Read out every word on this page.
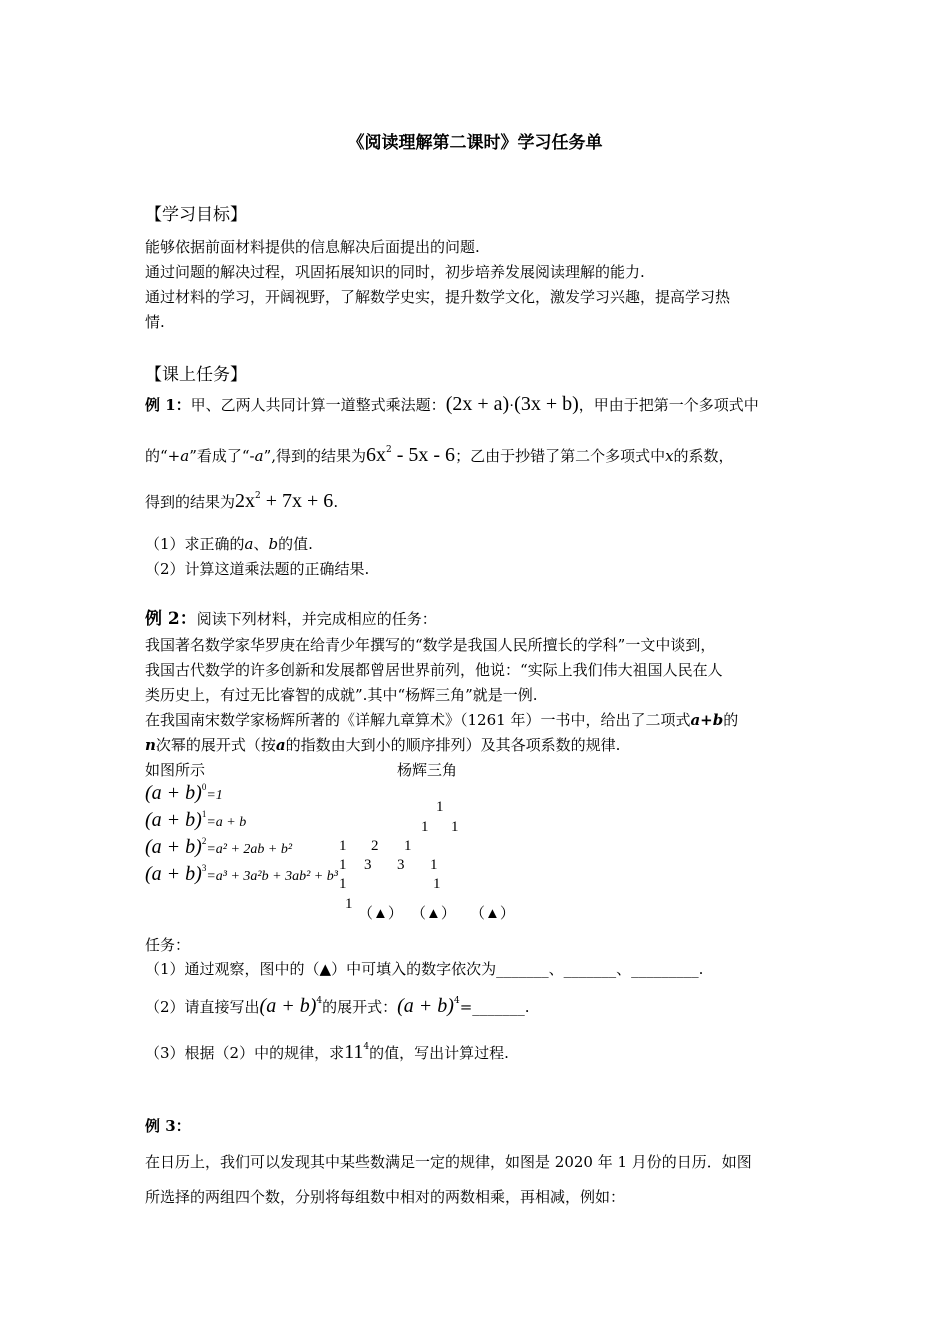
《阅读理解第二课时》学习任务单
【学习目标】
能够依据前面材料提供的信息解决后面提出的问题.
通过问题的解决过程，巩固拓展知识的同时，初步培养发展阅读理解的能力.
通过材料的学习，开阔视野，了解数学史实，提升数学文化，激发学习兴趣，提高学习热
情.
【课上任务】
例 1：甲、乙两人共同计算一道整式乘法题：(2x + a)·(3x + b)，甲由于把第一个多项式中
的“+a”看成了“-a”,得到的结果为$6x^2 - 5x - 6$；乙由于抄错了第二个多项式中x的系数，
得到的结果为$2x^2 + 7x + 6$.
（1）求正确的a、b的值.
（2）计算这道乘法题的正确结果.
例 2：阅读下列材料，并完成相应的任务：
我国著名数学家华罗庚在给青少年撰写的“数学是我国人民所擅长的学科”一文中谈到，
我国古代数学的许多创新和发展都曾居世界前列，他说：“实际上我们伟大祖国人民在人
类历史上，有过无比睿智的成就”.其中“杨辉三角”就是一例.
在我国南宋数学家杨辉所著的《详解九章算术》（1261 年）一书中，给出了二项式a+b的
n次幂的展开式（按a的指数由大到小的顺序排列）及其各项系数的规律.
如图所示	杨辉三角
$(a + b)^0=1$
$(a + b)^1=a + b$
$(a + b)^2=a^2 + 2ab + b^2$
$(a + b)^3=a^3 + 3a^2b + 3ab^2 + b^3$
1
1 1
1 2 1
1 3 3 1
1	1
1
（▲） （▲） （▲）
任务：
（1）通过观察，图中的（▲）中可填入的数字依次为_______、_______、_________.
（2）请直接写出$(a + b)^4$的展开式：$(a + b)^4=\_\_\_\_\_\_\_$.
（3）根据（2）中的规律，求$11^4$的值，写出计算过程.
例 3：
在日历上，我们可以发现其中某些数满足一定的规律，如图是 2020 年 1 月份的日历．如图
所选择的两组四个数，分别将每组数中相对的两数相乘，再相减，例如：
